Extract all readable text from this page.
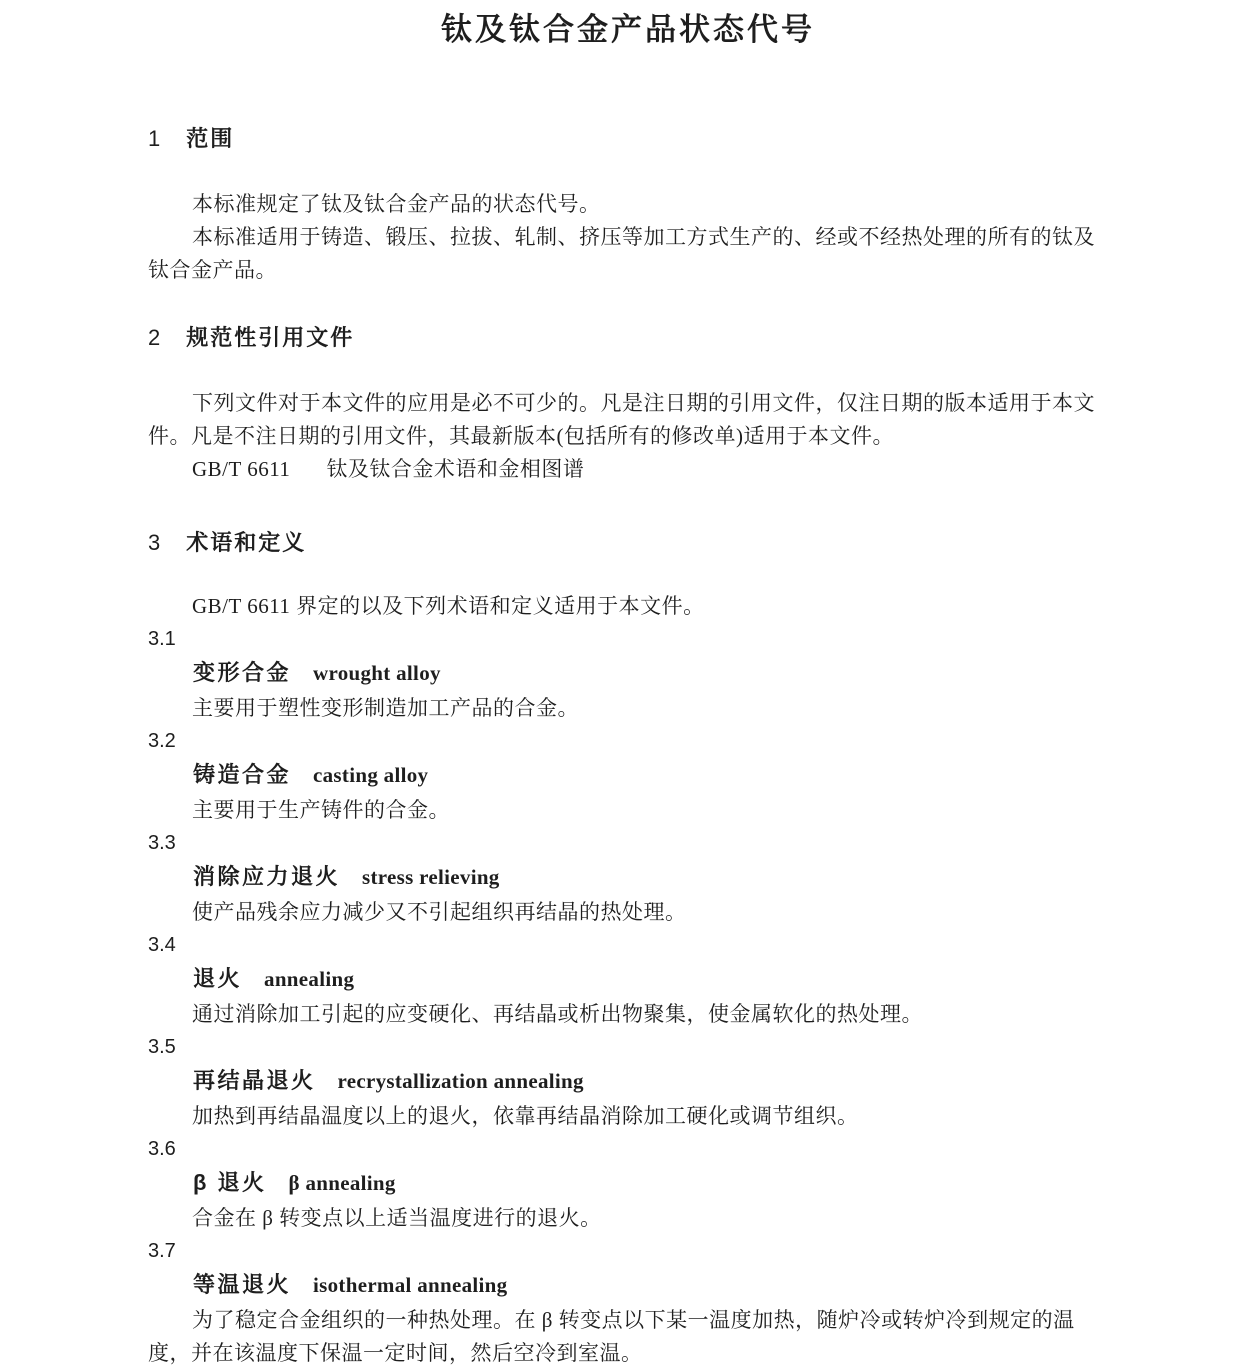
钛及钛合金产品状态代号
1 范围

本标准规定了钛及钛合金产品的状态代号。

本标准适用于铸造、锻压、拉拔、轧制、挤压等加工方式生产的、经或不经热处理的所有的钛及钛合金产品。

2 规范性引用文件

下列文件对于本文件的应用是必不可少的。凡是注日期的引用文件，仅注日期的版本适用于本文件。凡是不注日期的引用文件，其最新版本(包括所有的修改单)适用于本文件。

GB/T 6611 钛及钛合金术语和金相图谱

3 术语和定义

GB/T 6611 界定的以及下列术语和定义适用于本文件。

3.1

变形合金 wrought alloy

主要用于塑性变形制造加工产品的合金。

3.2

铸造合金 casting alloy

主要用于生产铸件的合金。

3.3

消除应力退火 stress relieving

使产品残余应力减少又不引起组织再结晶的热处理。

3.4

退火 annealing

通过消除加工引起的应变硬化、再结晶或析出物聚集，使金属软化的热处理。

3.5

再结晶退火 recrystallization annealing

加热到再结晶温度以上的退火，依靠再结晶消除加工硬化或调节组织。

3.6

β 退火 β annealing

合金在 β 转变点以上适当温度进行的退火。

3.7

等温退火 isothermal annealing

为了稳定合金组织的一种热处理。在 β 转变点以下某一温度加热，随炉冷或转炉冷到规定的温度，并在该温度下保温一定时间，然后空冷到室温。
